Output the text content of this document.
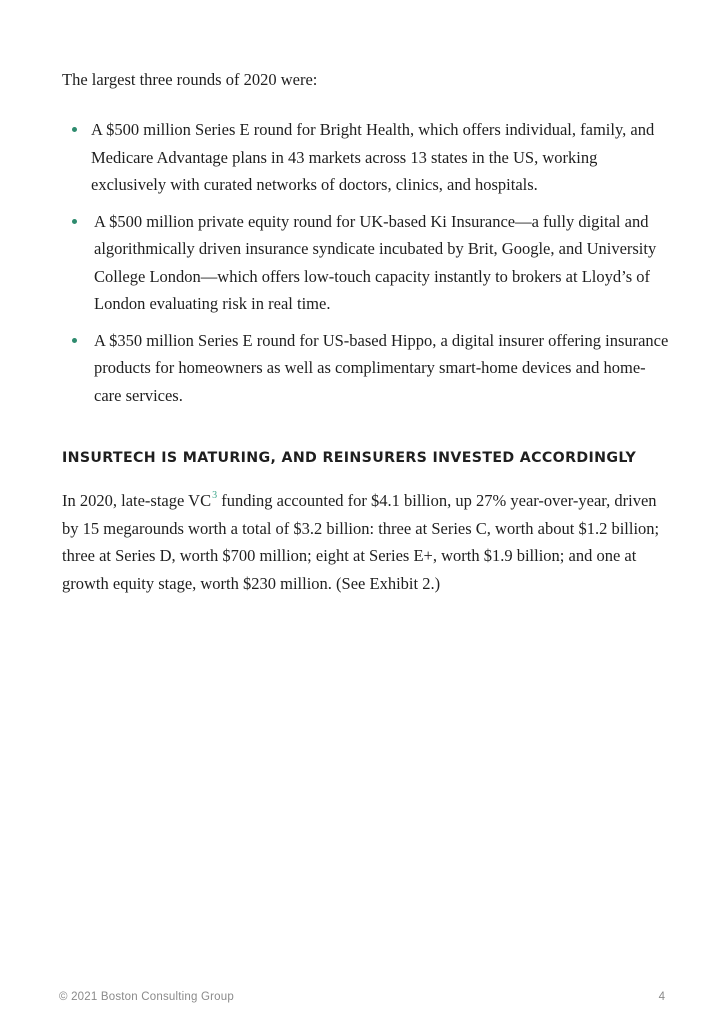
The largest three rounds of 2020 were:

A $500 million Series E round for Bright Health, which offers individual, family, and Medicare Advantage plans in 43 markets across 13 states in the US, working exclusively with curated networks of doctors, clinics, and hospitals.
A $500 million private equity round for UK-based Ki Insurance—a fully digital and algorithmically driven insurance syndicate incubated by Brit, Google, and University College London—which offers low-touch capacity instantly to brokers at Lloyd’s of London evaluating risk in real time.
A $350 million Series E round for US-based Hippo, a digital insurer offering insurance products for homeowners as well as complimentary smart-home devices and home-care services.
INSURTECH IS MATURING, AND REINSURERS INVESTED ACCORDINGLY

In 2020, late-stage VC$^3$ funding accounted for $4.1 billion, up 27% year-over-year, driven by 15 megarounds worth a total of $3.2 billion: three at Series C, worth about $1.2 billion; three at Series D, worth $700 million; eight at Series E+, worth $1.9 billion; and one at growth equity stage, worth $230 million. (See Exhibit 2.)

© 2021 Boston Consulting Group	4
